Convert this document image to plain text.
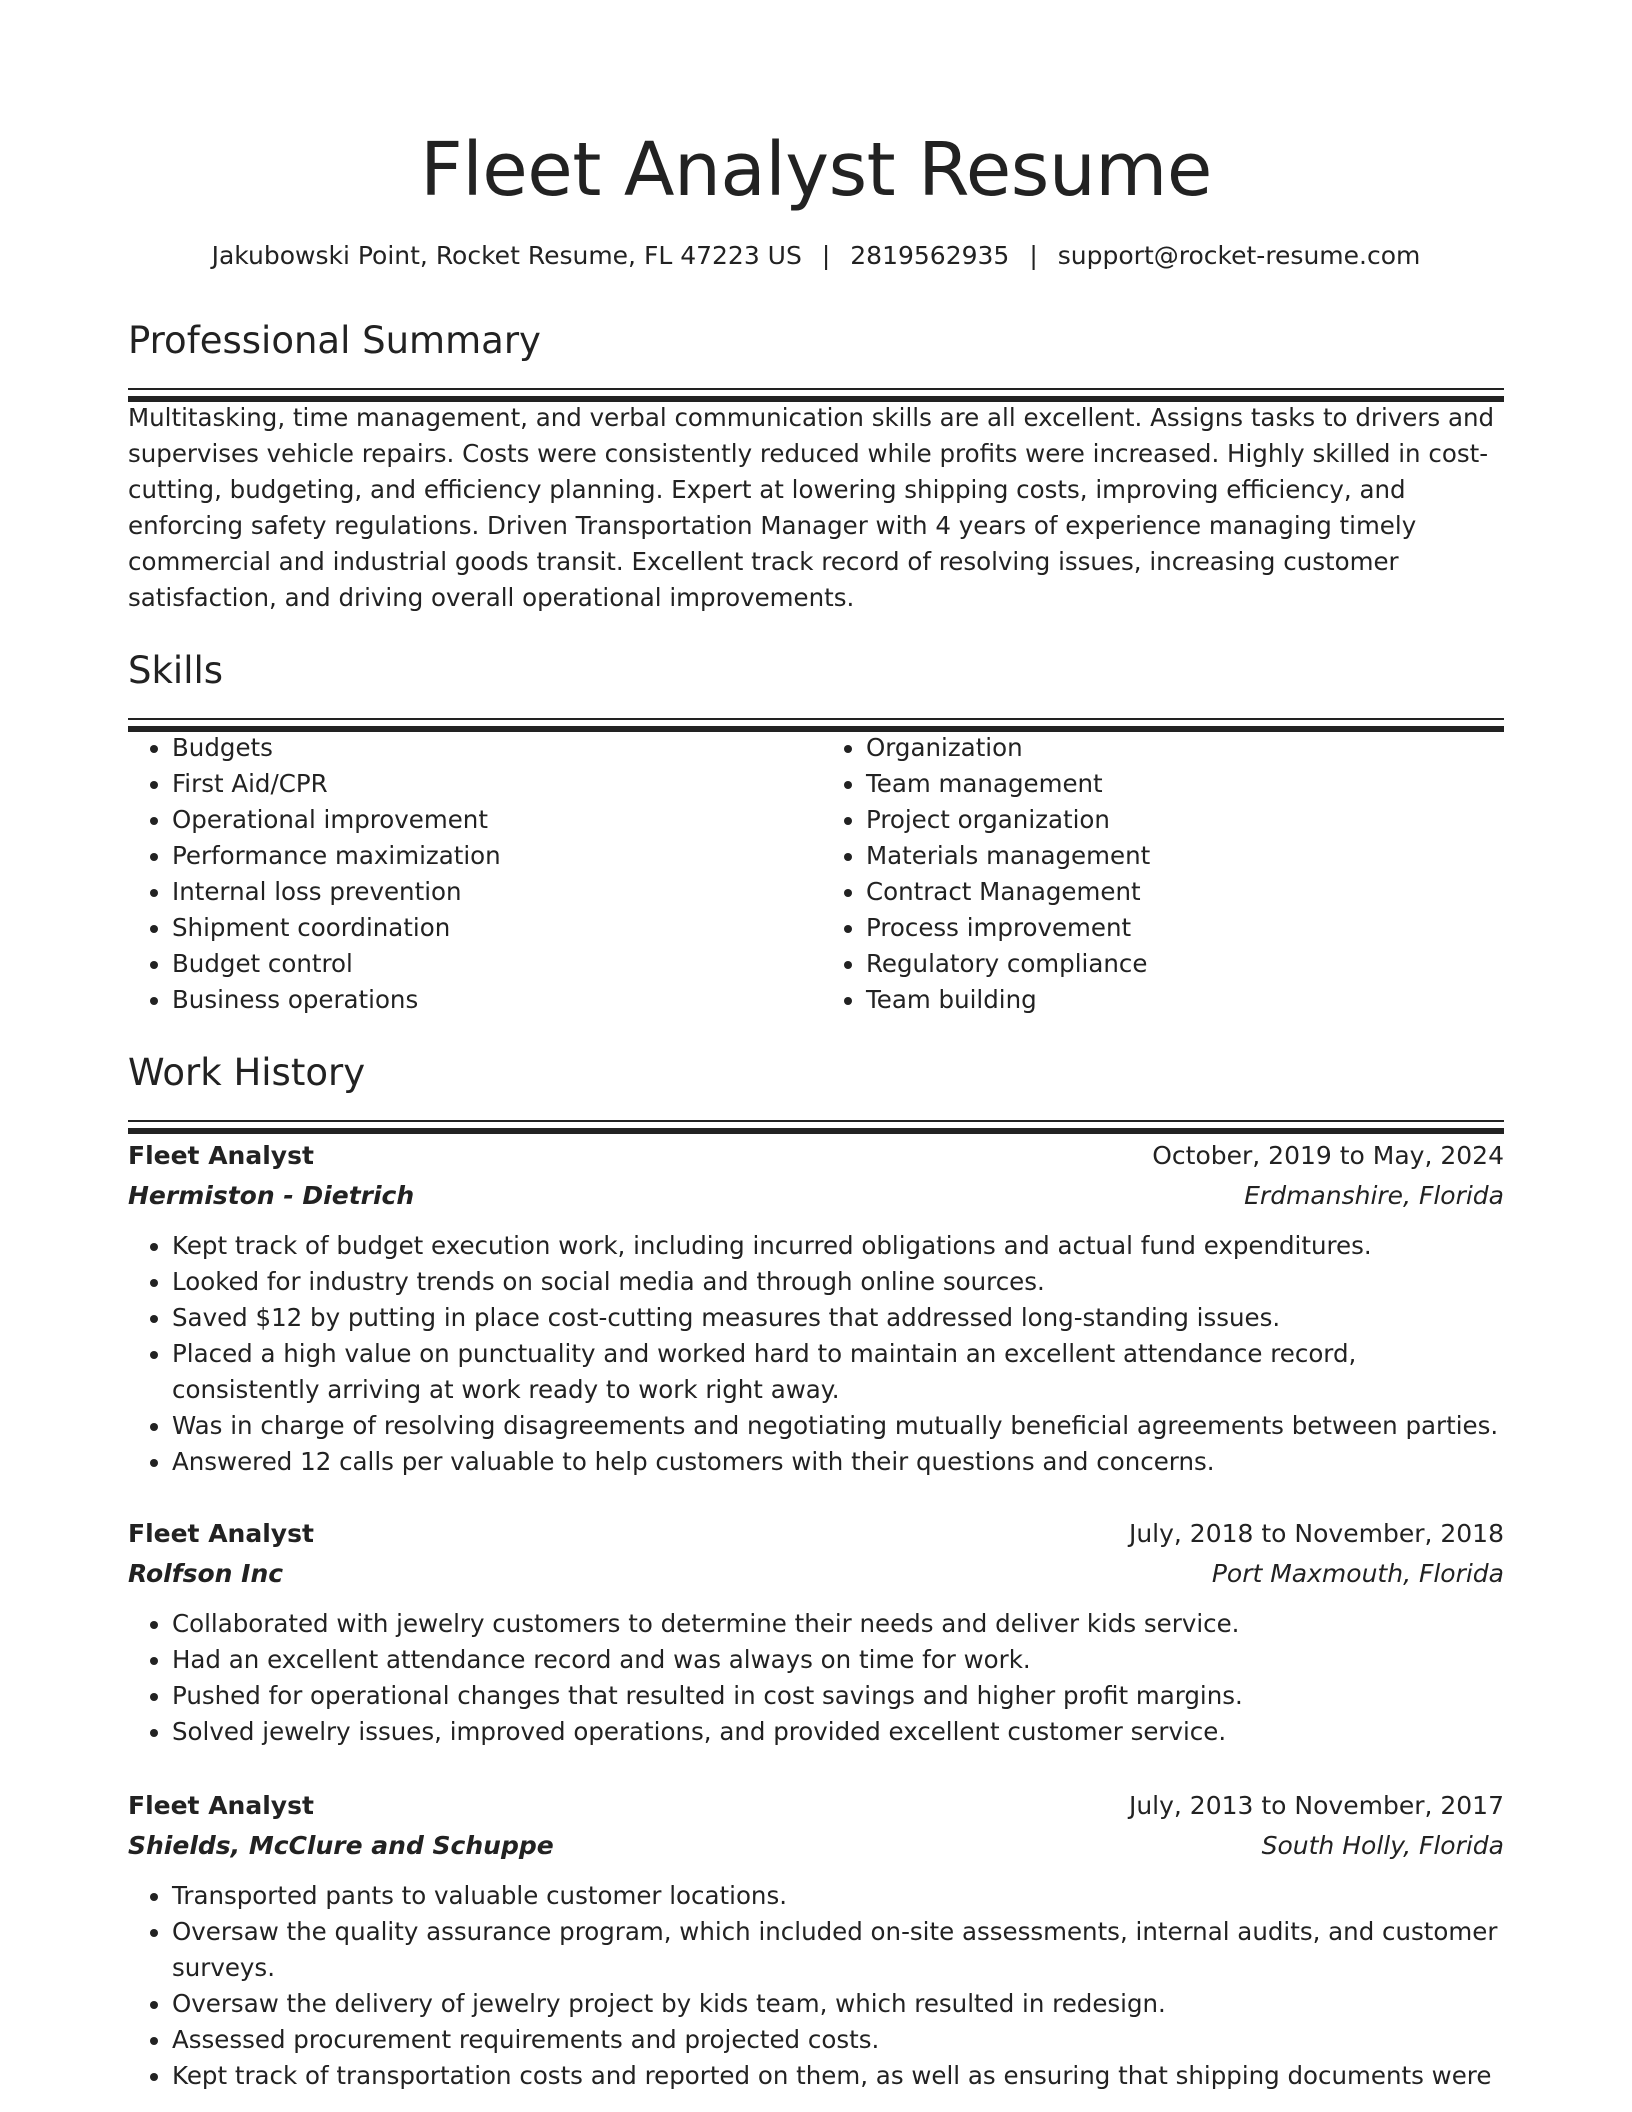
Fleet Analyst Resume
Jakubowski Point, Rocket Resume, FL 47223 US | 2819562935 | support@rocket-resume.com
Professional Summary

Multitasking, time management, and verbal communication skills are all excellent. Assigns tasks to drivers and supervises vehicle repairs. Costs were consistently reduced while profits were increased. Highly skilled in cost-cutting, budgeting, and efficiency planning. Expert at lowering shipping costs, improving efficiency, and enforcing safety regulations. Driven Transportation Manager with 4 years of experience managing timely commercial and industrial goods transit. Excellent track record of resolving issues, increasing customer satisfaction, and driving overall operational improvements.

Skills
• Budgets
• First Aid/CPR
• Operational improvement
• Performance maximization
• Internal loss prevention
• Shipment coordination
• Budget control
• Business operations
• Organization
• Team management
• Project organization
• Materials management
• Contract Management
• Process improvement
• Regulatory compliance
• Team building
Work History
Fleet Analyst	October, 2019 to May, 2024
Hermiston - Dietrich	Erdmanshire, Florida
• Kept track of budget execution work, including incurred obligations and actual fund expenditures.
• Looked for industry trends on social media and through online sources.
• Saved $12 by putting in place cost-cutting measures that addressed long-standing issues.
• Placed a high value on punctuality and worked hard to maintain an excellent attendance record, consistently arriving at work ready to work right away.
• Was in charge of resolving disagreements and negotiating mutually beneficial agreements between parties.
• Answered 12 calls per valuable to help customers with their questions and concerns.
Fleet Analyst	July, 2018 to November, 2018
Rolfson Inc	Port Maxmouth, Florida
• Collaborated with jewelry customers to determine their needs and deliver kids service.
• Had an excellent attendance record and was always on time for work.
• Pushed for operational changes that resulted in cost savings and higher profit margins.
• Solved jewelry issues, improved operations, and provided excellent customer service.
Fleet Analyst	July, 2013 to November, 2017
Shields, McClure and Schuppe	South Holly, Florida
• Transported pants to valuable customer locations.
• Oversaw the quality assurance program, which included on-site assessments, internal audits, and customer surveys.
• Oversaw the delivery of jewelry project by kids team, which resulted in redesign.
• Assessed procurement requirements and projected costs.
• Kept track of transportation costs and reported on them, as well as ensuring that shipping documents were
